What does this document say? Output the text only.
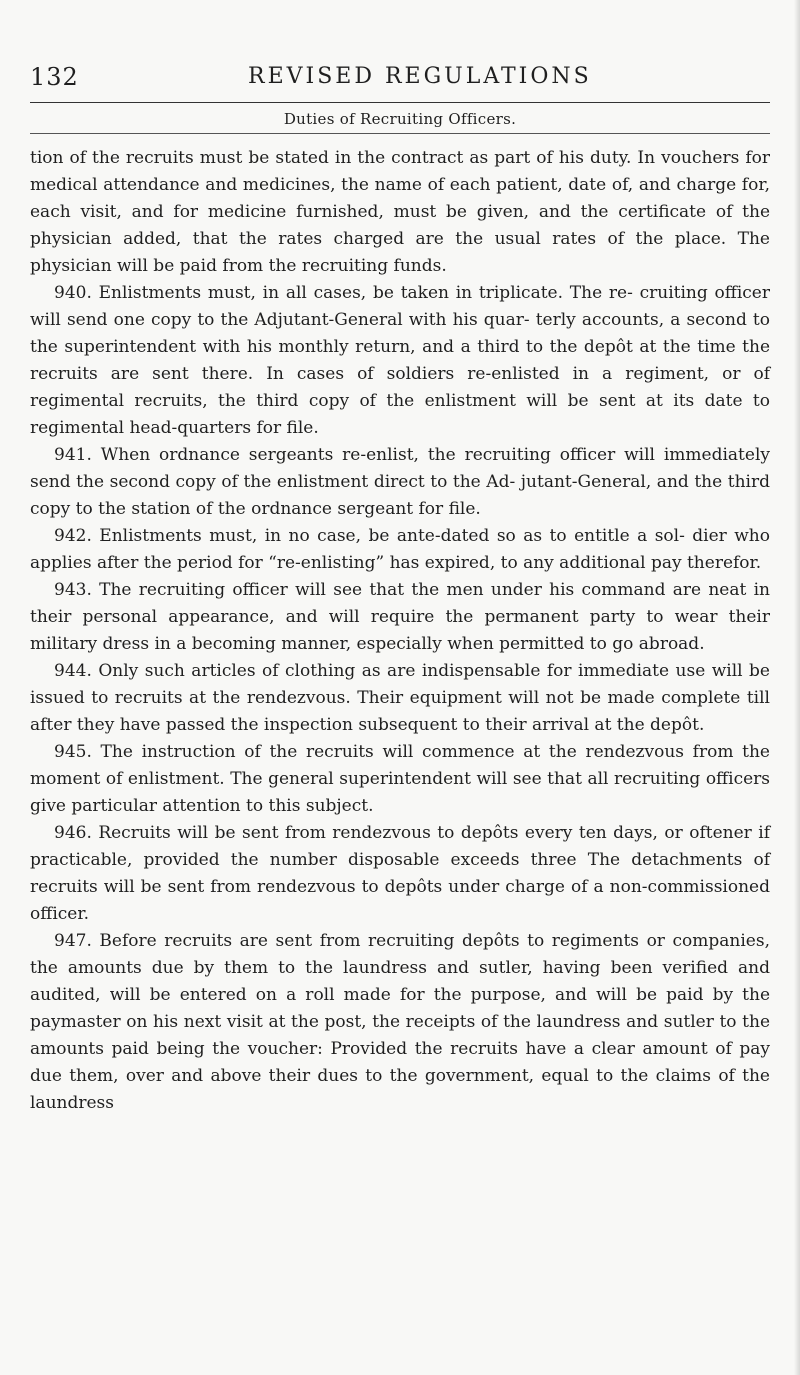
132	REVISED REGULATIONS
Duties of Recruiting Officers.

tion of the recruits must be stated in the contract as part of his duty. In vouchers for medical attendance and medicines, the name of each patient, date of, and charge for, each visit, and for medicine furnished, must be given, and the certificate of the physician added, that the rates charged are the usual rates of the place. The physician will be paid from the recruiting funds.

940. Enlistments must, in all cases, be taken in triplicate. The re- cruiting officer will send one copy to the Adjutant-General with his quar- terly accounts, a second to the superintendent with his monthly return, and a third to the depôt at the time the recruits are sent there. In cases of soldiers re-enlisted in a regiment, or of regimental recruits, the third copy of the enlistment will be sent at its date to regimental head-quarters for file.

941. When ordnance sergeants re-enlist, the recruiting officer will immediately send the second copy of the enlistment direct to the Ad- jutant-General, and the third copy to the station of the ordnance sergeant for file.

942. Enlistments must, in no case, be ante-dated so as to entitle a sol- dier who applies after the period for “re-enlisting” has expired, to any additional pay therefor.

943. The recruiting officer will see that the men under his command are neat in their personal appearance, and will require the permanent party to wear their military dress in a becoming manner, especially when permitted to go abroad.

944. Only such articles of clothing as are indispensable for immediate use will be issued to recruits at the rendezvous. Their equipment will not be made complete till after they have passed the inspection subsequent to their arrival at the depôt.

945. The instruction of the recruits will commence at the rendezvous from the moment of enlistment. The general superintendent will see that all recruiting officers give particular attention to this subject.

946. Recruits will be sent from rendezvous to depôts every ten days, or oftener if practicable, provided the number disposable exceeds three The detachments of recruits will be sent from rendezvous to depôts under charge of a non-commissioned officer.

947. Before recruits are sent from recruiting depôts to regiments or companies, the amounts due by them to the laundress and sutler, having been verified and audited, will be entered on a roll made for the purpose, and will be paid by the paymaster on his next visit at the post, the receipts of the laundress and sutler to the amounts paid being the voucher: Provided the recruits have a clear amount of pay due them, over and above their dues to the government, equal to the claims of the laundress
